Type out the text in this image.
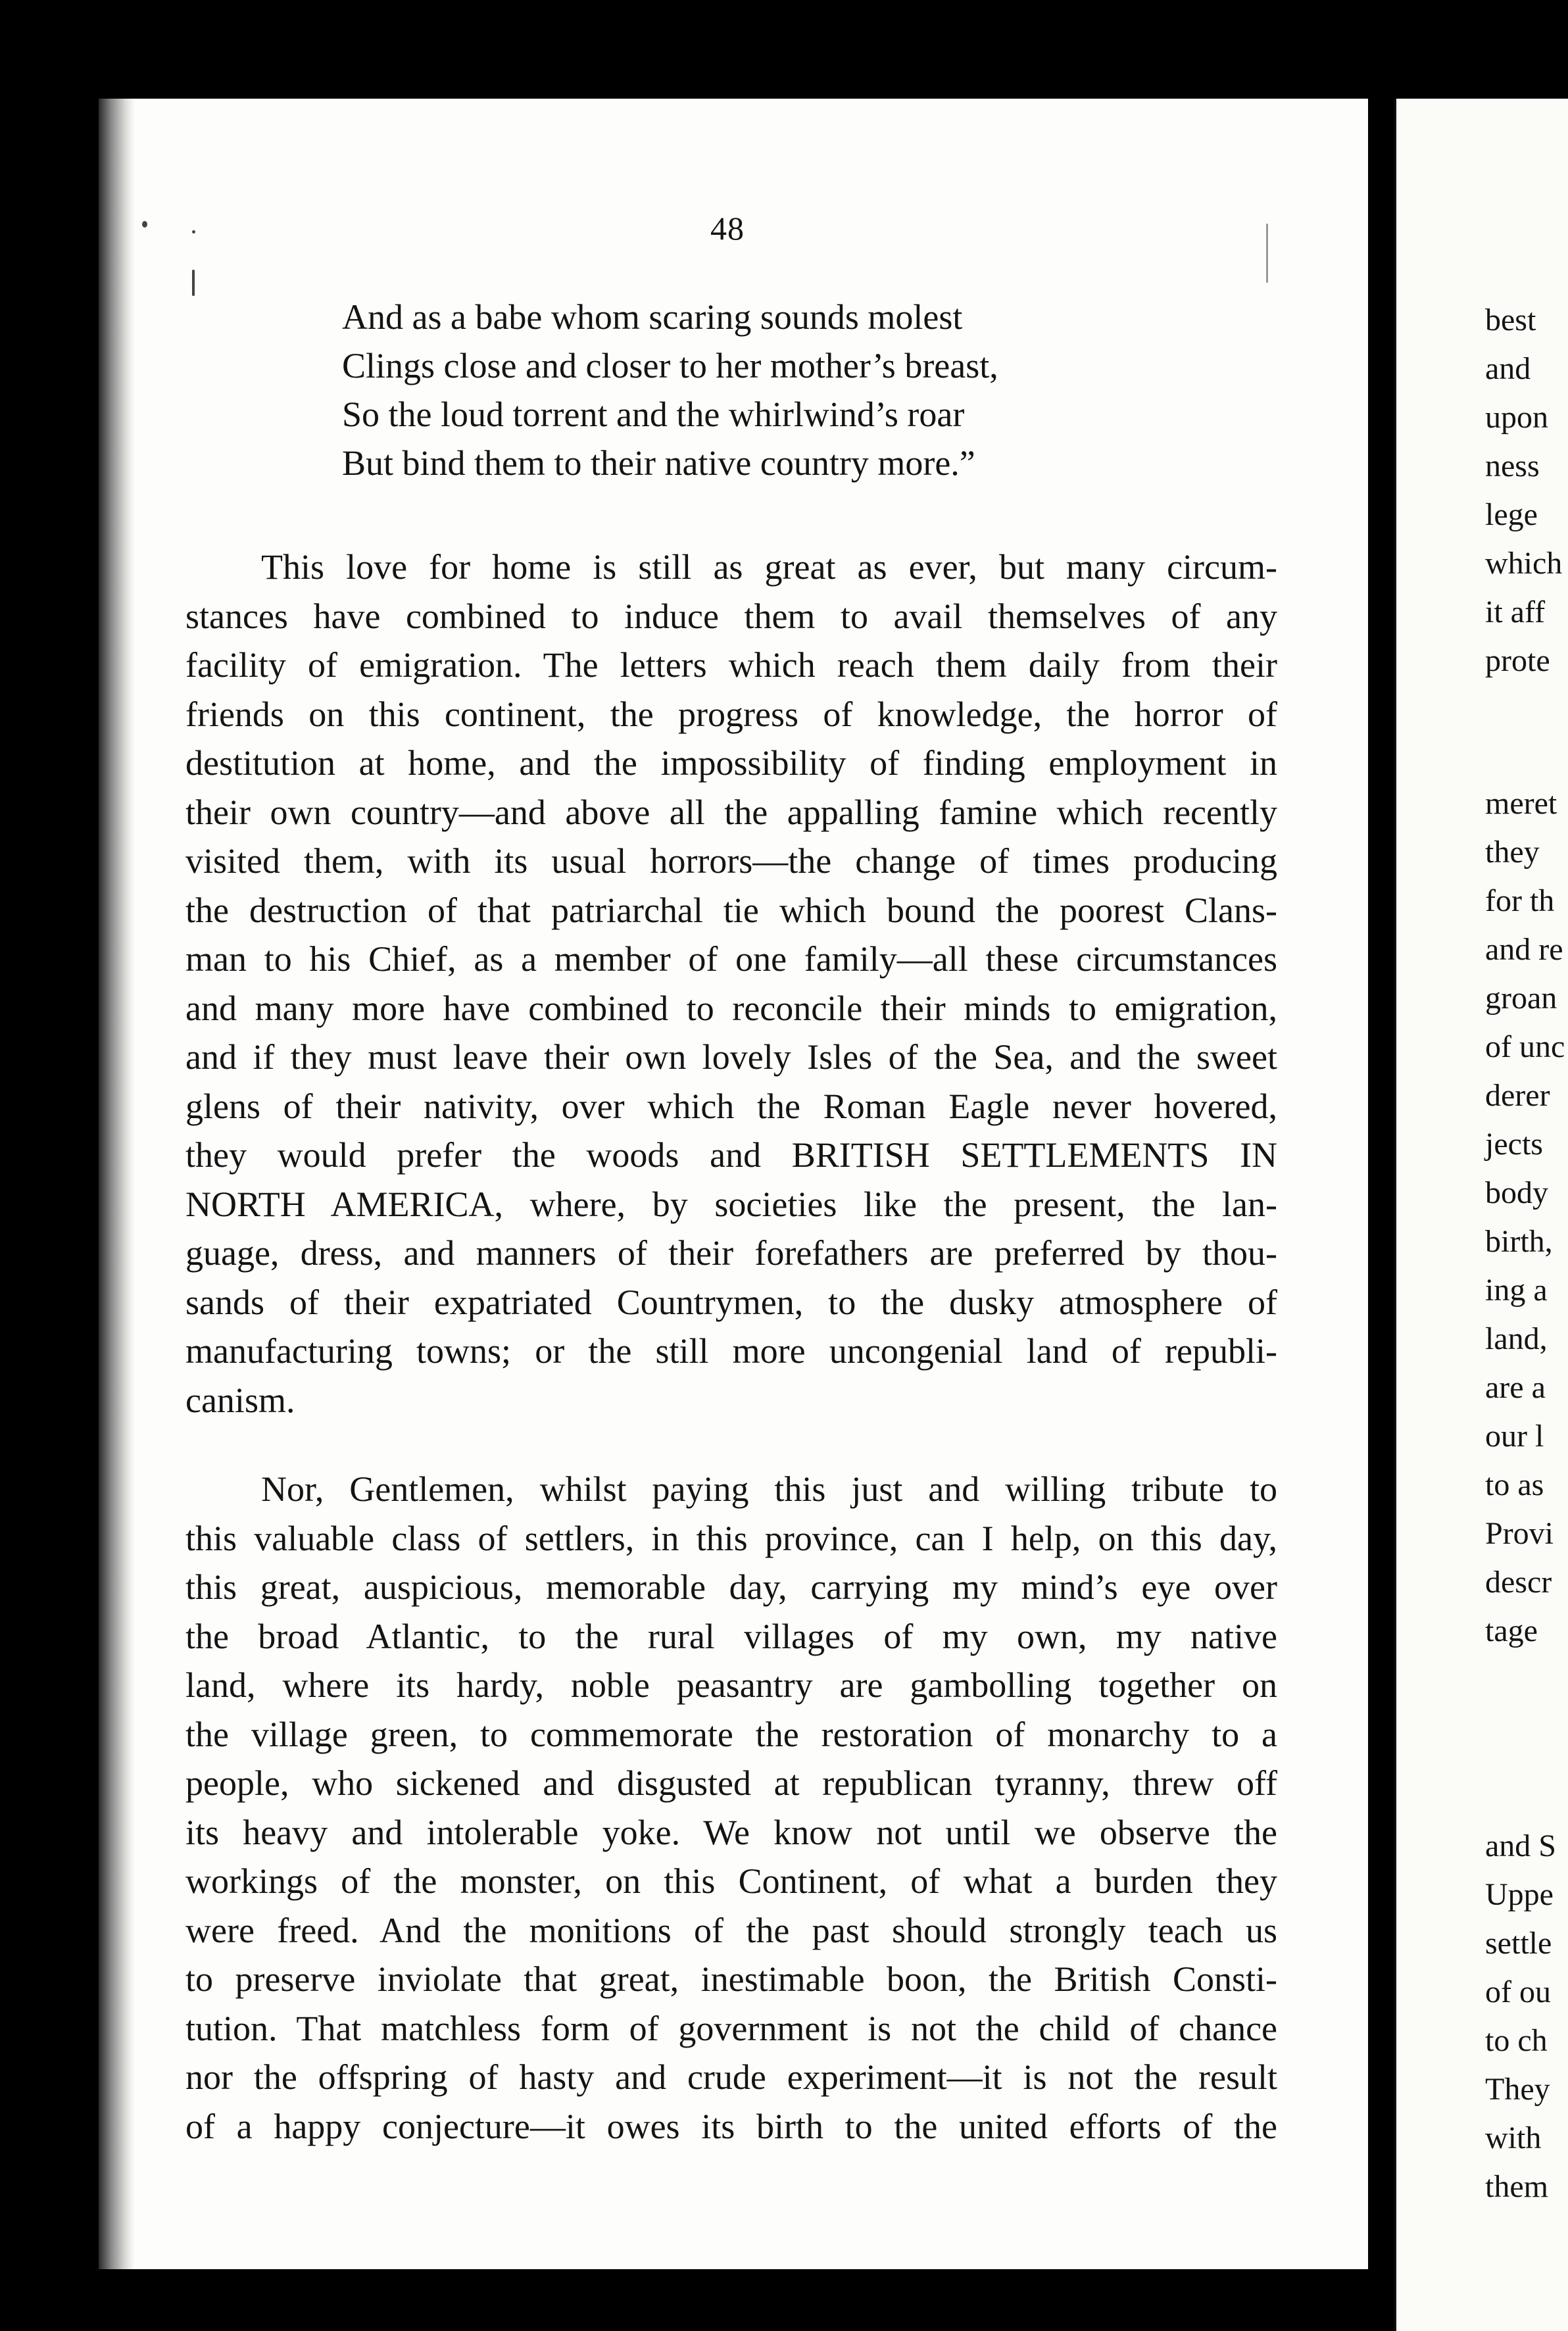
48
And as a babe whom scaring sounds molest
Clings close and closer to her mother’s breast,
So the loud torrent and the whirlwind’s roar
But bind them to their native country more.”
This love for home is still as great as ever, but many circum-
stances have combined to induce them to avail themselves of any
facility of emigration. The letters which reach them daily from their
friends on this continent, the progress of knowledge, the horror of
destitution at home, and the impossibility of finding employment in
their own country—and above all the appalling famine which recently
visited them, with its usual horrors—the change of times producing
the destruction of that patriarchal tie which bound the poorest Clans-
man to his Chief, as a member of one family—all these circumstances
and many more have combined to reconcile their minds to emigration,
and if they must leave their own lovely Isles of the Sea, and the sweet
glens of their nativity, over which the Roman Eagle never hovered,
they would prefer the woods and BRITISH SETTLEMENTS IN
NORTH AMERICA, where, by societies like the present, the lan-
guage, dress, and manners of their forefathers are preferred by thou-
sands of their expatriated Countrymen, to the dusky atmosphere of
manufacturing towns; or the still more uncongenial land of republi-
canism.
Nor, Gentlemen, whilst paying this just and willing tribute to
this valuable class of settlers, in this province, can I help, on this day,
this great, auspicious, memorable day, carrying my mind’s eye over
the broad Atlantic, to the rural villages of my own, my native
land, where its hardy, noble peasantry are gambolling together on
the village green, to commemorate the restoration of monarchy to a
people, who sickened and disgusted at republican tyranny, threw off
its heavy and intolerable yoke. We know not until we observe the
workings of the monster, on this Continent, of what a burden they
were freed. And the monitions of the past should strongly teach us
to preserve inviolate that great, inestimable boon, the British Consti-
tution. That matchless form of government is not the child of chance
nor the offspring of hasty and crude experiment—it is not the result
of a happy conjecture—it owes its birth to the united efforts of the
best
and
upon
ness
lege
which
it aff
prote
meret
they
for th
and re
groan
of unc
derer
jects
body
birth,
ing a
land,
are a
our l
to as
Provi
descr
tage
and S
Uppe
settle
of ou
to ch
They
with
them
